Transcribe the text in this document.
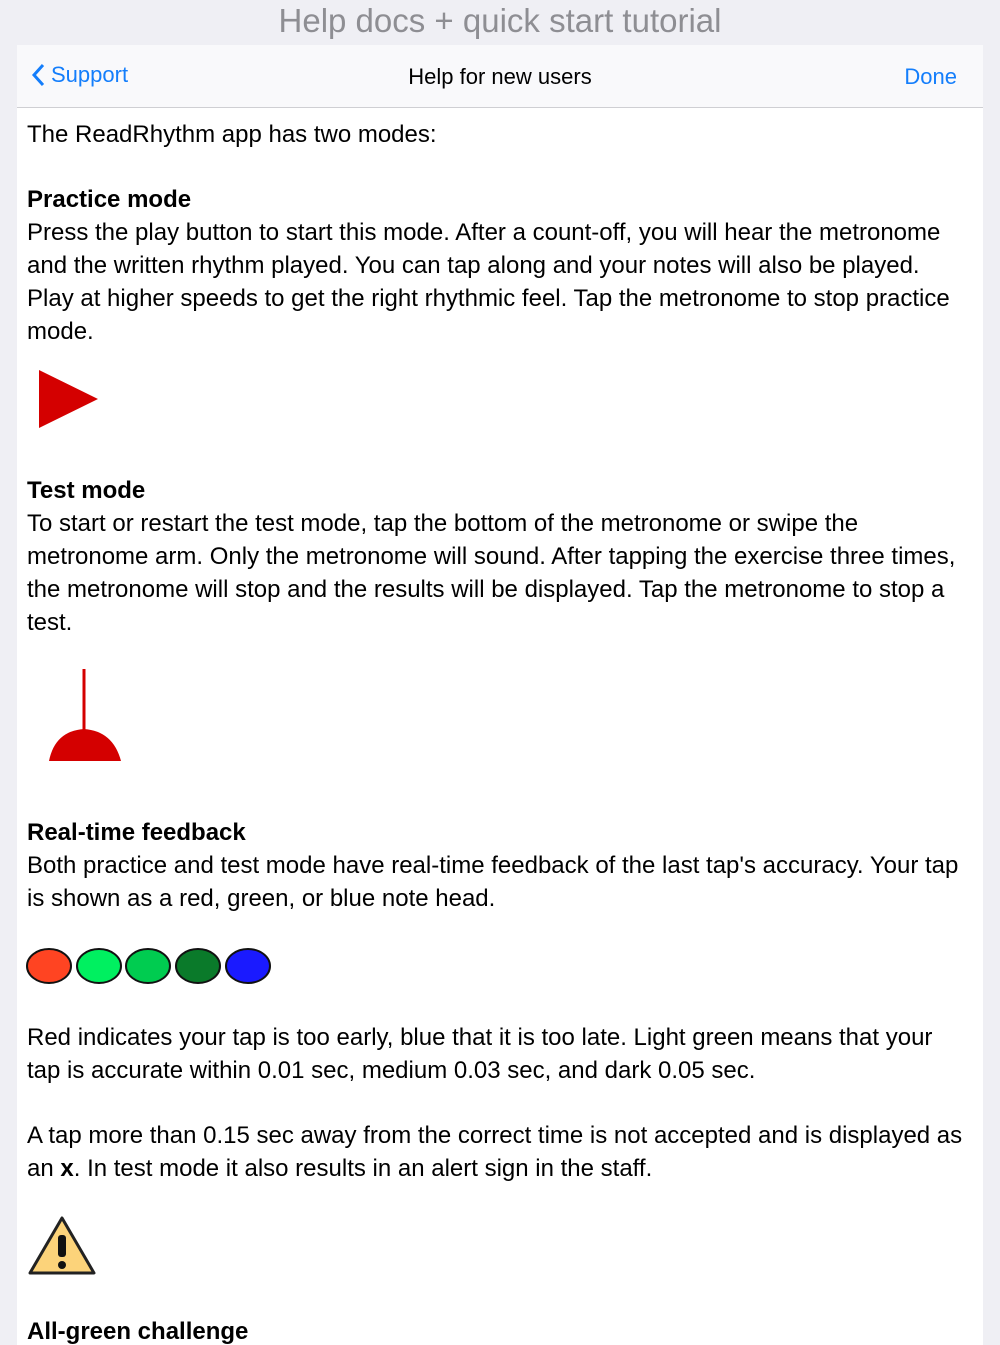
Help docs + quick start tutorial
Support	Help for new users	Done
The ReadRhythm app has two modes:
Practice mode
Press the play button to start this mode. After a count-off, you will hear the metronome and the written rhythm played. You can tap along and your notes will also be played. Play at higher speeds to get the right rhythmic feel. Tap the metronome to stop practice mode.
Test mode
To start or restart the test mode, tap the bottom of the metronome or swipe the metronome arm. Only the metronome will sound. After tapping the exercise three times, the metronome will stop and the results will be displayed. Tap the metronome to stop a test.
Real-time feedback
Both practice and test mode have real-time feedback of the last tap's accuracy. Your tap is shown as a red, green, or blue note head.
Red indicates your tap is too early, blue that it is too late. Light green means that your tap is accurate within 0.01 sec, medium 0.03 sec, and dark 0.05 sec.
A tap more than 0.15 sec away from the correct time is not accepted and is displayed as an x. In test mode it also results in an alert sign in the staff.
All-green challenge
